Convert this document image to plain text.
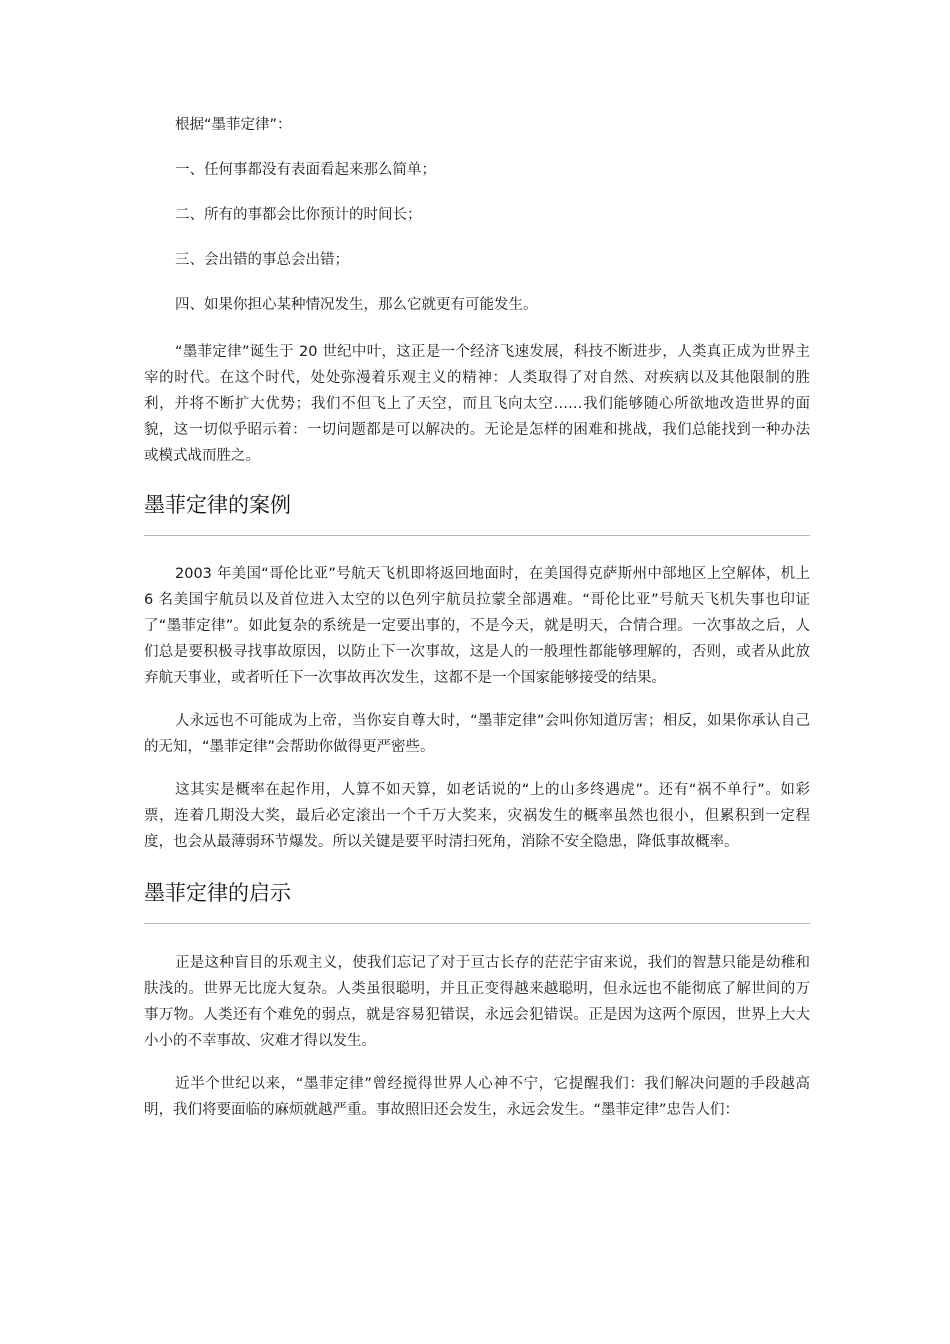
根据“墨菲定律”：

一、任何事都没有表面看起来那么简单；

二、所有的事都会比你预计的时间长；

三、会出错的事总会出错；

四、如果你担心某种情况发生，那么它就更有可能发生。

“墨菲定律”诞生于 20 世纪中叶，这正是一个经济飞速发展，科技不断进步，人类真正成为世界主宰的时代。在这个时代，处处弥漫着乐观主义的精神：人类取得了对自然、对疾病以及其他限制的胜利，并将不断扩大优势；我们不但飞上了天空，而且飞向太空……我们能够随心所欲地改造世界的面貌，这一切似乎昭示着：一切问题都是可以解决的。无论是怎样的困难和挑战，我们总能找到一种办法或模式战而胜之。

墨菲定律的案例

2003 年美国“哥伦比亚”号航天飞机即将返回地面时，在美国得克萨斯州中部地区上空解体，机上 6 名美国宇航员以及首位进入太空的以色列宇航员拉蒙全部遇难。“哥伦比亚”号航天飞机失事也印证了“墨菲定律”。如此复杂的系统是一定要出事的，不是今天，就是明天，合情合理。一次事故之后，人们总是要积极寻找事故原因，以防止下一次事故，这是人的一般理性都能够理解的，否则，或者从此放弃航天事业，或者听任下一次事故再次发生，这都不是一个国家能够接受的结果。

人永远也不可能成为上帝，当你妄自尊大时，“墨菲定律”会叫你知道厉害；相反，如果你承认自己的无知，“墨菲定律”会帮助你做得更严密些。

这其实是概率在起作用，人算不如天算，如老话说的“上的山多终遇虎”。还有“祸不单行”。如彩票，连着几期没大奖，最后必定滚出一个千万大奖来，灾祸发生的概率虽然也很小，但累积到一定程度，也会从最薄弱环节爆发。所以关键是要平时清扫死角，消除不安全隐患，降低事故概率。

墨菲定律的启示

正是这种盲目的乐观主义，使我们忘记了对于亘古长存的茫茫宇宙来说，我们的智慧只能是幼稚和肤浅的。世界无比庞大复杂。人类虽很聪明，并且正变得越来越聪明，但永远也不能彻底了解世间的万事万物。人类还有个难免的弱点，就是容易犯错误，永远会犯错误。正是因为这两个原因，世界上大大小小的不幸事故、灾难才得以发生。

近半个世纪以来，“墨菲定律”曾经搅得世界人心神不宁，它提醒我们：我们解决问题的手段越高明，我们将要面临的麻烦就越严重。事故照旧还会发生，永远会发生。“墨菲定律”忠告人们：
